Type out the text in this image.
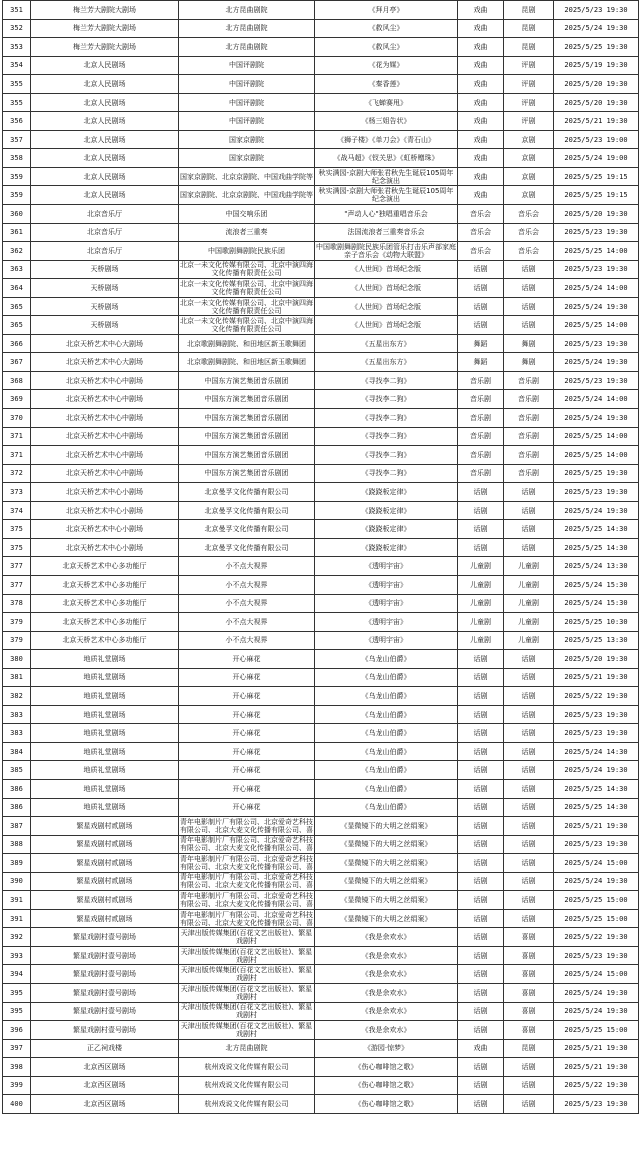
351	梅兰芳大剧院大剧场	北方昆曲剧院	《拜月亭》	戏曲	昆剧	2025/5/23 19:30
352	梅兰芳大剧院大剧场	北方昆曲剧院	《救风尘》	戏曲	昆剧	2025/5/24 19:30
353	梅兰芳大剧院大剧场	北方昆曲剧院	《救风尘》	戏曲	昆剧	2025/5/25 19:30
354	北京人民剧场	中国评剧院	《花为媒》	戏曲	评剧	2025/5/19 19:30
355	北京人民剧场	中国评剧院	《秦香莲》	戏曲	评剧	2025/5/20 19:30
355	北京人民剧场	中国评剧院	《飞蝉赛甩》	戏曲	评剧	2025/5/20 19:30
356	北京人民剧场	中国评剧院	《杨三姐告状》	戏曲	评剧	2025/5/21 19:30
357	北京人民剧场	国家京剧院	《狮子楼》《单刀会》《青石山》	戏曲	京剧	2025/5/23 19:00
358	北京人民剧场	国家京剧院	《战马超》《钗关思》《虹桥赠珠》	戏曲	京剧	2025/5/24 19:00
359	北京人民剧场	国家京剧院、北京京剧院、中国戏曲学院等	秋实满园-京剧大师张君秋先生诞辰105周年纪念演出	戏曲	京剧	2025/5/25 19:15
359	北京人民剧场	国家京剧院、北京京剧院、中国戏曲学院等	秋实满园-京剧大师张君秋先生诞辰105周年纪念演出	戏曲	京剧	2025/5/25 19:15
360	北京音乐厅	中国交响乐团	"声动人心"独唱重唱音乐会	音乐会	音乐会	2025/5/20 19:30
361	北京音乐厅	流浪者三重奏	法国流浪者三重奏音乐会	音乐会	音乐会	2025/5/23 19:30
362	北京音乐厅	中国歌剧舞剧院民族乐团	中国歌剧舞剧院民族乐团管乐打击乐声部家庭亲子音乐会《动物大联盟》	音乐会	音乐会	2025/5/25 14:00
363	天桥剧场	北京一未文化传媒有限公司、北京中演四海文化传播有限责任公司	《人世间》首场纪念版	话剧	话剧	2025/5/23 19:30
364	天桥剧场	北京一未文化传媒有限公司、北京中演四海文化传播有限责任公司	《人世间》首场纪念版	话剧	话剧	2025/5/24 14:00
365	天桥剧场	北京一未文化传媒有限公司、北京中演四海文化传播有限责任公司	《人世间》首场纪念版	话剧	话剧	2025/5/24 19:30
365	天桥剧场	北京一未文化传媒有限公司、北京中演四海文化传播有限责任公司	《人世间》首场纪念版	话剧	话剧	2025/5/25 14:00
366	北京天桥艺术中心大剧场	北京歌剧舞剧院、和田地区新玉歌舞团	《五星出东方》	舞蹈	舞剧	2025/5/23 19:30
367	北京天桥艺术中心大剧场	北京歌剧舞剧院、和田地区新玉歌舞团	《五星出东方》	舞蹈	舞剧	2025/5/24 19:30
368	北京天桥艺术中心中剧场	中国东方演艺集团音乐剧团	《寻找李二狗》	音乐剧	音乐剧	2025/5/23 19:30
369	北京天桥艺术中心中剧场	中国东方演艺集团音乐剧团	《寻找李二狗》	音乐剧	音乐剧	2025/5/24 14:00
370	北京天桥艺术中心中剧场	中国东方演艺集团音乐剧团	《寻找李二狗》	音乐剧	音乐剧	2025/5/24 19:30
371	北京天桥艺术中心中剧场	中国东方演艺集团音乐剧团	《寻找李二狗》	音乐剧	音乐剧	2025/5/25 14:00
371	北京天桥艺术中心中剧场	中国东方演艺集团音乐剧团	《寻找李二狗》	音乐剧	音乐剧	2025/5/25 14:00
372	北京天桥艺术中心中剧场	中国东方演艺集团音乐剧团	《寻找李二狗》	音乐剧	音乐剧	2025/5/25 19:30
373	北京天桥艺术中心小剧场	北京曼孚文化传播有限公司	《跷跷板定律》	话剧	话剧	2025/5/23 19:30
374	北京天桥艺术中心小剧场	北京曼孚文化传播有限公司	《跷跷板定律》	话剧	话剧	2025/5/24 19:30
375	北京天桥艺术中心小剧场	北京曼孚文化传播有限公司	《跷跷板定律》	话剧	话剧	2025/5/25 14:30
375	北京天桥艺术中心小剧场	北京曼孚文化传播有限公司	《跷跷板定律》	话剧	话剧	2025/5/25 14:30
377	北京天桥艺术中心多功能厅	小不点大视界	《透明宇宙》	儿童剧	儿童剧	2025/5/24 13:30
377	北京天桥艺术中心多功能厅	小不点大视界	《透明宇宙》	儿童剧	儿童剧	2025/5/24 15:30
378	北京天桥艺术中心多功能厅	小不点大视界	《透明宇宙》	儿童剧	儿童剧	2025/5/24 15:30
379	北京天桥艺术中心多功能厅	小不点大视界	《透明宇宙》	儿童剧	儿童剧	2025/5/25 10:30
379	北京天桥艺术中心多功能厅	小不点大视界	《透明宇宙》	儿童剧	儿童剧	2025/5/25 13:30
380	地质礼堂剧场	开心麻花	《乌龙山伯爵》	话剧	话剧	2025/5/20 19:30
381	地质礼堂剧场	开心麻花	《乌龙山伯爵》	话剧	话剧	2025/5/21 19:30
382	地质礼堂剧场	开心麻花	《乌龙山伯爵》	话剧	话剧	2025/5/22 19:30
383	地质礼堂剧场	开心麻花	《乌龙山伯爵》	话剧	话剧	2025/5/23 19:30
383	地质礼堂剧场	开心麻花	《乌龙山伯爵》	话剧	话剧	2025/5/23 19:30
384	地质礼堂剧场	开心麻花	《乌龙山伯爵》	话剧	话剧	2025/5/24 14:30
385	地质礼堂剧场	开心麻花	《乌龙山伯爵》	话剧	话剧	2025/5/24 19:30
386	地质礼堂剧场	开心麻花	《乌龙山伯爵》	话剧	话剧	2025/5/25 14:30
386	地质礼堂剧场	开心麻花	《乌龙山伯爵》	话剧	话剧	2025/5/25 14:30
387	繁星戏剧村贰剧场	青年电影制片厂有限公司、北京爱奇艺科技有限公司、北京大麦文化传播有限公司、喜	《显微镜下的大明之丝绢案》	话剧	话剧	2025/5/21 19:30
388	繁星戏剧村贰剧场	青年电影制片厂有限公司、北京爱奇艺科技有限公司、北京大麦文化传播有限公司、喜	《显微镜下的大明之丝绢案》	话剧	话剧	2025/5/23 19:30
389	繁星戏剧村贰剧场	青年电影制片厂有限公司、北京爱奇艺科技有限公司、北京大麦文化传播有限公司、喜	《显微镜下的大明之丝绢案》	话剧	话剧	2025/5/24 15:00
390	繁星戏剧村贰剧场	青年电影制片厂有限公司、北京爱奇艺科技有限公司、北京大麦文化传播有限公司、喜	《显微镜下的大明之丝绢案》	话剧	话剧	2025/5/24 19:30
391	繁星戏剧村贰剧场	青年电影制片厂有限公司、北京爱奇艺科技有限公司、北京大麦文化传播有限公司、喜	《显微镜下的大明之丝绢案》	话剧	话剧	2025/5/25 15:00
391	繁星戏剧村贰剧场	青年电影制片厂有限公司、北京爱奇艺科技有限公司、北京大麦文化传播有限公司、喜	《显微镜下的大明之丝绢案》	话剧	话剧	2025/5/25 15:00
392	繁星戏剧村壹号剧场	天津出版传媒集团(百花文艺出版社)、繁星戏剧村	《我是余欢水》	话剧	喜剧	2025/5/22 19:30
393	繁星戏剧村壹号剧场	天津出版传媒集团(百花文艺出版社)、繁星戏剧村	《我是余欢水》	话剧	喜剧	2025/5/23 19:30
394	繁星戏剧村壹号剧场	天津出版传媒集团(百花文艺出版社)、繁星戏剧村	《我是余欢水》	话剧	喜剧	2025/5/24 15:00
395	繁星戏剧村壹号剧场	天津出版传媒集团(百花文艺出版社)、繁星戏剧村	《我是余欢水》	话剧	喜剧	2025/5/24 19:30
395	繁星戏剧村壹号剧场	天津出版传媒集团(百花文艺出版社)、繁星戏剧村	《我是余欢水》	话剧	喜剧	2025/5/24 19:30
396	繁星戏剧村壹号剧场	天津出版传媒集团(百花文艺出版社)、繁星戏剧村	《我是余欢水》	话剧	喜剧	2025/5/25 15:00
397	正乙祠戏楼	北方昆曲剧院	《游园·惊梦》	戏曲	昆剧	2025/5/21 19:30
398	北京西区剧场	杭州戏说文化传媒有限公司	《伤心咖啡馆之歌》	话剧	话剧	2025/5/21 19:30
399	北京西区剧场	杭州戏说文化传媒有限公司	《伤心咖啡馆之歌》	话剧	话剧	2025/5/22 19:30
400	北京西区剧场	杭州戏说文化传媒有限公司	《伤心咖啡馆之歌》	话剧	话剧	2025/5/23 19:30
